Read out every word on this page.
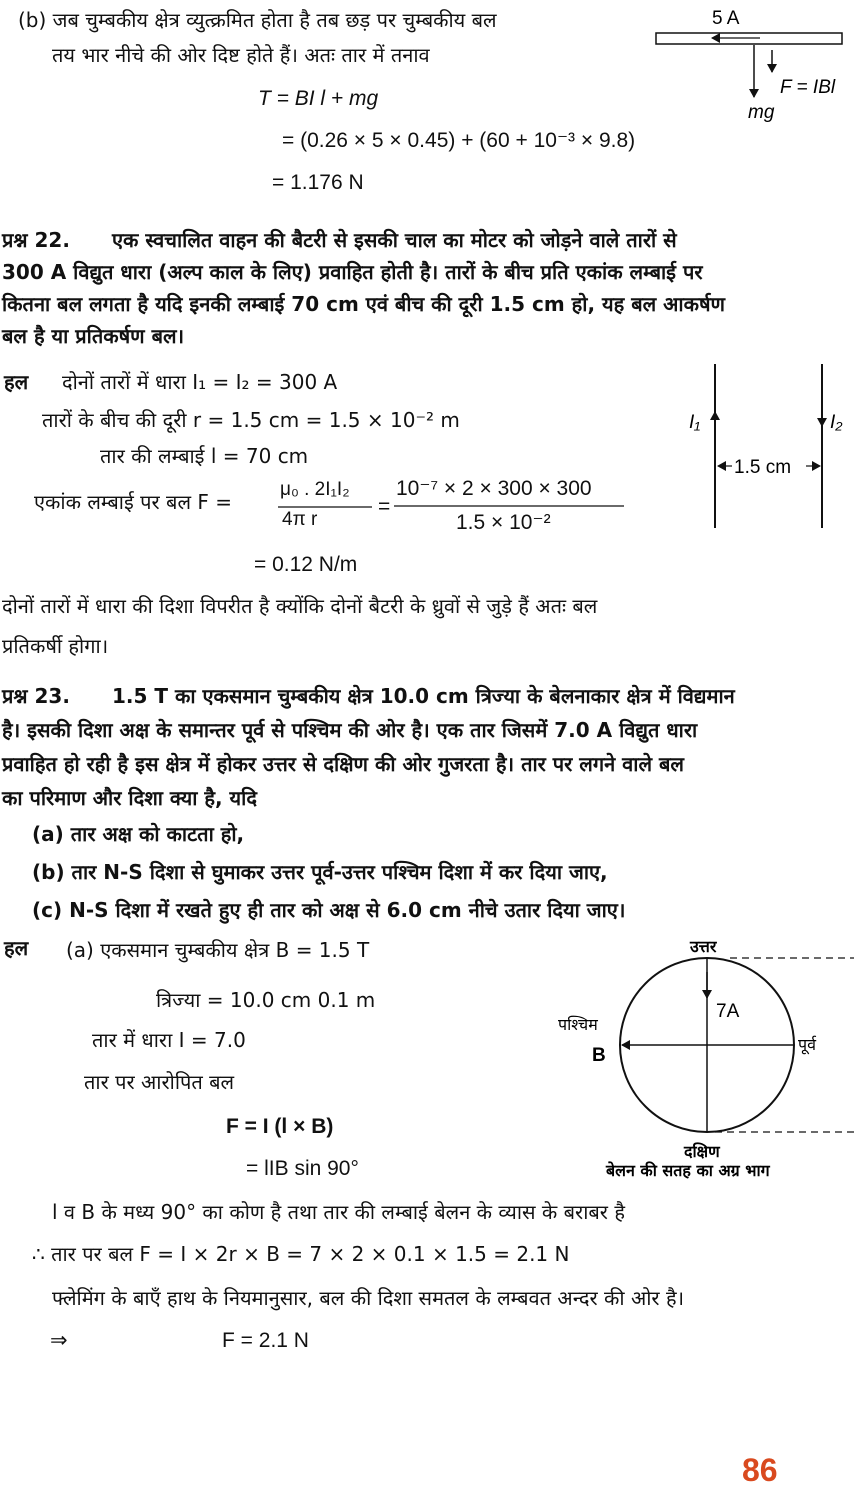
(b) जब चुम्बकीय क्षेत्र व्युत्क्रमित होता है तब छड़ पर चुम्बकीय बल
तय भार नीचे की ओर दिष्ट होते हैं। अतः तार में तनाव
T = BI l + mg
= (0.26 × 5 × 0.45) + (60 + 10⁻³ × 9.8)
= 1.176 N
प्रश्न 22. एक स्वचालित वाहन की बैटरी से इसकी चाल का मोटर को जोड़ने वाले तारों से
300 A विद्युत धारा (अल्प काल के लिए) प्रवाहित होती है। तारों के बीच प्रति एकांक लम्बाई पर
कितना बल लगता है यदि इनकी लम्बाई 70 cm एवं बीच की दूरी 1.5 cm हो, यह बल आकर्षण
बल है या प्रतिकर्षण बल।
हल दोनों तारों में धारा I₁ = I₂ = 300 A
तारों के बीच की दूरी r = 1.5 cm = 1.5 × 10⁻² m
तार की लम्बाई l = 70 cm
एकांक लम्बाई पर बल F =
μ₀ . 2I₁I₂
4π r
=
10⁻⁷ × 2 × 300 × 300
1.5 × 10⁻²
= 0.12 N/m
दोनों तारों में धारा की दिशा विपरीत है क्योंकि दोनों बैटरी के ध्रुवों से जुड़े हैं अतः बल
प्रतिकर्षी होगा।
प्रश्न 23. 1.5 T का एकसमान चुम्बकीय क्षेत्र 10.0 cm त्रिज्या के बेलनाकार क्षेत्र में विद्यमान
है। इसकी दिशा अक्ष के समान्तर पूर्व से पश्चिम की ओर है। एक तार जिसमें 7.0 A विद्युत धारा
प्रवाहित हो रही है इस क्षेत्र में होकर उत्तर से दक्षिण की ओर गुजरता है। तार पर लगने वाले बल
का परिमाण और दिशा क्या है, यदि
(a) तार अक्ष को काटता हो,
(b) तार N-S दिशा से घुमाकर उत्तर पूर्व-उत्तर पश्चिम दिशा में कर दिया जाए,
(c) N-S दिशा में रखते हुए ही तार को अक्ष से 6.0 cm नीचे उतार दिया जाए।
हल (a) एकसमान चुम्बकीय क्षेत्र B = 1.5 T
त्रिज्या = 10.0 cm 0.1 m
तार में धारा I = 7.0
तार पर आरोपित बल
F = I (l × B)
= lIB sin 90°
l व B के मध्य 90° का कोण है तथा तार की लम्बाई बेलन के व्यास के बराबर है
∴ तार पर बल F = I × 2r × B = 7 × 2 × 0.1 × 1.5 = 2.1 N
फ्लेमिंग के बाएँ हाथ के नियमानुसार, बल की दिशा समतल के लम्बवत अन्दर की ओर है।
⇒	F = 2.1 N
86
5 A
F = IBl
mg
I₁	I₂
1.5 cm
7A
B
उत्तर
पश्चिम
पूर्व
दक्षिण
बेलन की सतह का अग्र भाग
